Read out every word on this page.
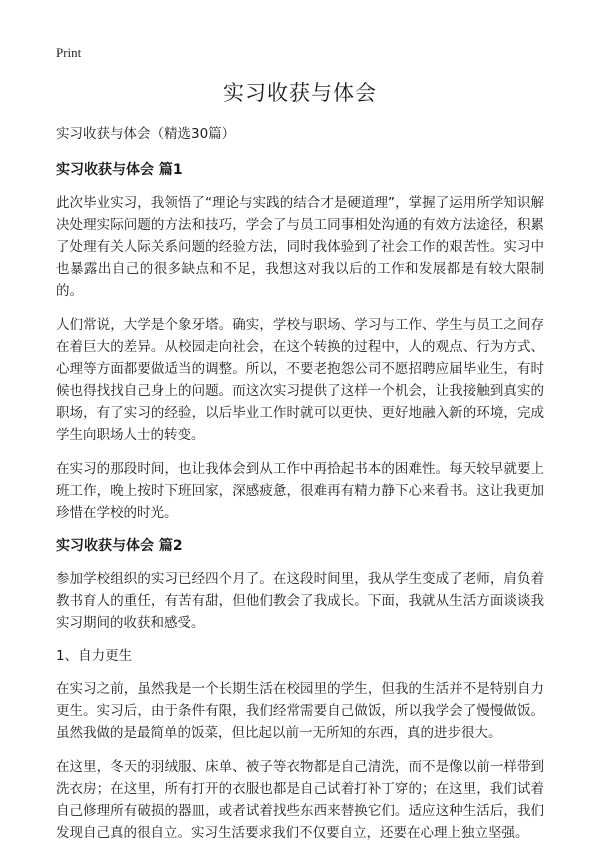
Print
实习收获与体会
实习收获与体会（精选30篇）
实习收获与体会 篇1

此次毕业实习，我领悟了“理论与实践的结合才是硬道理”，掌握了运用所学知识解决处理实际问题的方法和技巧，学会了与员工同事相处沟通的有效方法途径，积累了处理有关人际关系问题的经验方法，同时我体验到了社会工作的艰苦性。实习中也暴露出自己的很多缺点和不足，我想这对我以后的工作和发展都是有较大限制的。

人们常说，大学是个象牙塔。确实，学校与职场、学习与工作、学生与员工之间存在着巨大的差异。从校园走向社会，在这个转换的过程中，人的观点、行为方式、心理等方面都要做适当的调整。所以，不要老抱怨公司不愿招聘应届毕业生，有时候也得找找自己身上的问题。而这次实习提供了这样一个机会，让我接触到真实的职场，有了实习的经验，以后毕业工作时就可以更快、更好地融入新的环境，完成学生向职场人士的转变。

在实习的那段时间，也让我体会到从工作中再拾起书本的困难性。每天较早就要上班工作，晚上按时下班回家，深感疲惫，很难再有精力静下心来看书。这让我更加珍惜在学校的时光。

实习收获与体会 篇2

参加学校组织的实习已经四个月了。在这段时间里，我从学生变成了老师，肩负着教书育人的重任，有苦有甜，但他们教会了我成长。下面，我就从生活方面谈谈我实习期间的收获和感受。

1、自力更生

在实习之前，虽然我是一个长期生活在校园里的学生，但我的生活并不是特别自力更生。实习后，由于条件有限，我们经常需要自己做饭，所以我学会了慢慢做饭。虽然我做的是最简单的饭菜，但比起以前一无所知的东西，真的进步很大。

在这里，冬天的羽绒服、床单、被子等衣物都是自己清洗，而不是像以前一样带到洗衣房；在这里，所有打开的衣服也都是自己试着打补丁穿的；在这里，我们试着自己修理所有破损的器皿，或者试着找些东西来替换它们。适应这种生活后，我们发现自己真的很自立。实习生活要求我们不仅要自立，还要在心理上独立坚强。
